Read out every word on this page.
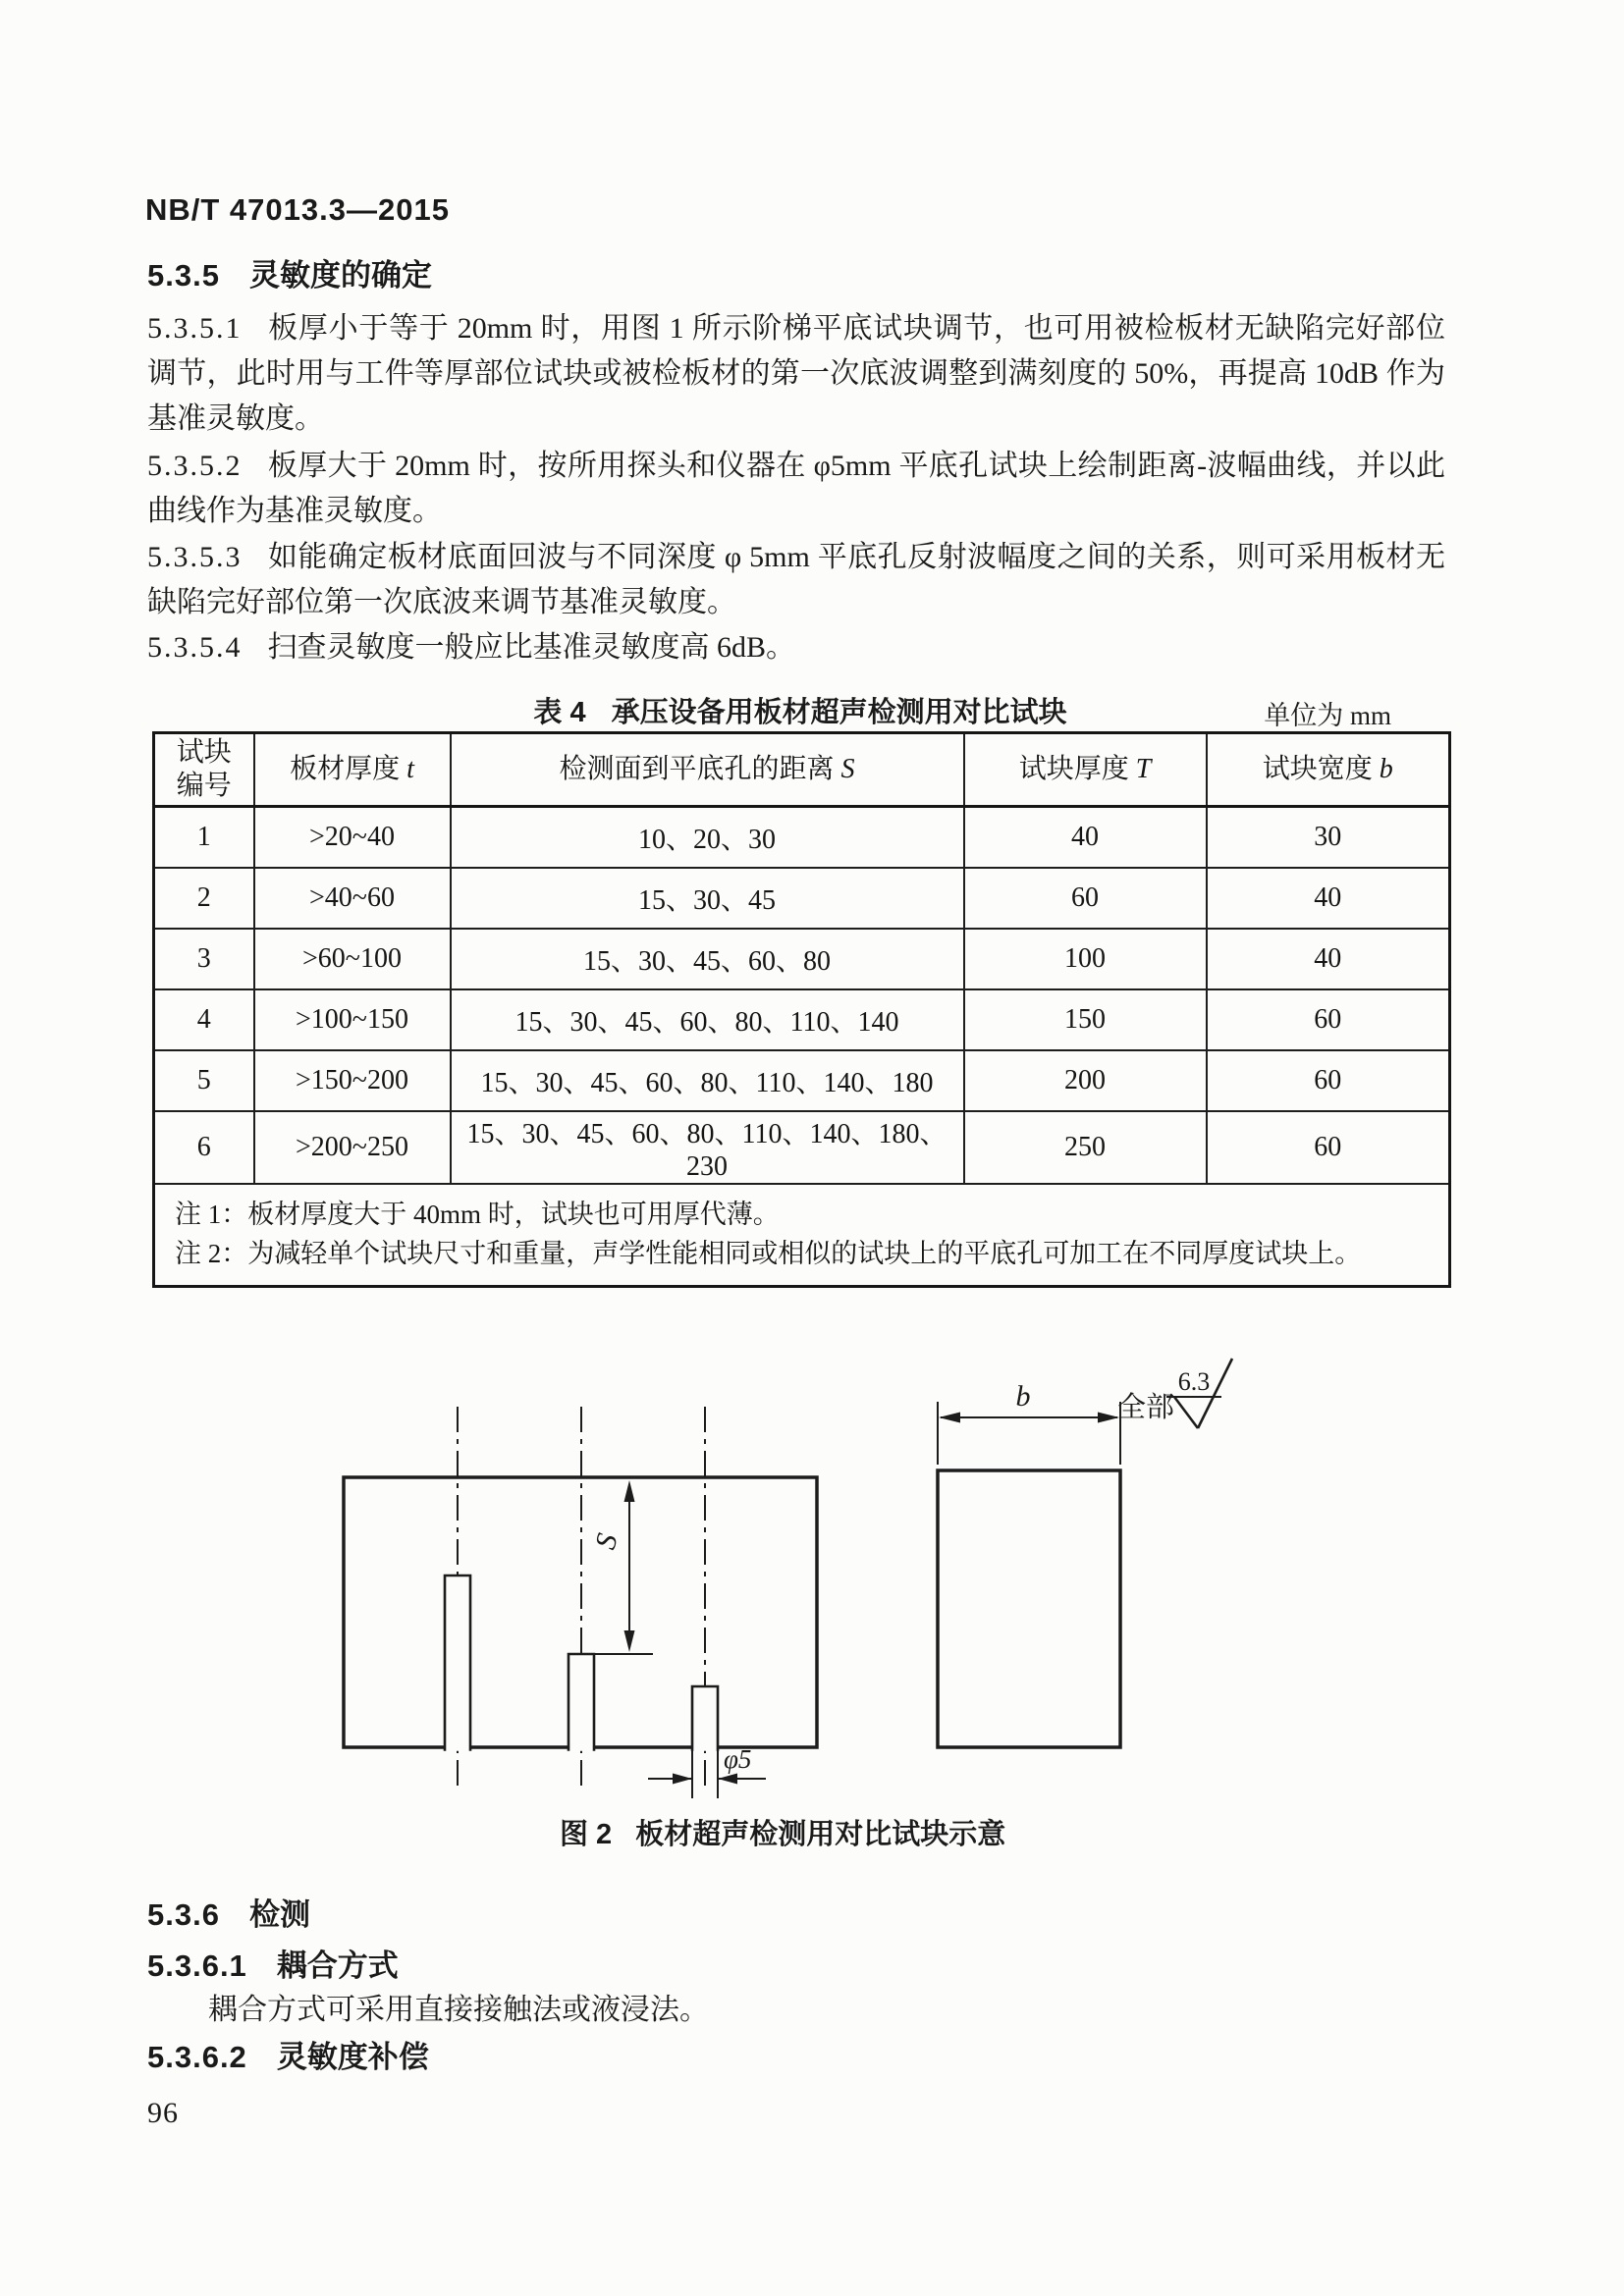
NB/T 47013.3—2015
5.3.5 灵敏度的确定
5.3.5.1 板厚小于等于 20mm 时，用图 1 所示阶梯平底试块调节，也可用被检板材无缺陷完好部位调节，此时用与工件等厚部位试块或被检板材的第一次底波调整到满刻度的 50%，再提高 10dB 作为基准灵敏度。
5.3.5.2 板厚大于 20mm 时，按所用探头和仪器在 φ5mm 平底孔试块上绘制距离-波幅曲线，并以此曲线作为基准灵敏度。
5.3.5.3 如能确定板材底面回波与不同深度 φ 5mm 平底孔反射波幅度之间的关系，则可采用板材无缺陷完好部位第一次底波来调节基准灵敏度。
5.3.5.4 扫查灵敏度一般应比基准灵敏度高 6dB。
表 4 承压设备用板材超声检测用对比试块	单位为 mm
试块
编号	板材厚度 t	检测面到平底孔的距离 S	试块厚度 T	试块宽度 b
1	>20~40	10、20、30	40	30
2	>40~60	15、30、45	60	40
3	>60~100	15、30、45、60、80	100	40
4	>100~150	15、30、45、60、80、110、140	150	60
5	>150~200	15、30、45、60、80、110、140、180	200	60
6	>200~250	15、30、45、60、80、110、140、180、230	250	60

注 1：板材厚度大于 40mm 时，试块也可用厚代薄。
注 2：为减轻单个试块尺寸和重量，声学性能相同或相似的试块上的平底孔可加工在不同厚度试块上。				
S
φ5
b	全部
6.3
图 2 板材超声检测用对比试块示意
5.3.6 检测
5.3.6.1 耦合方式
耦合方式可采用直接接触法或液浸法。
5.3.6.2 灵敏度补偿
96
